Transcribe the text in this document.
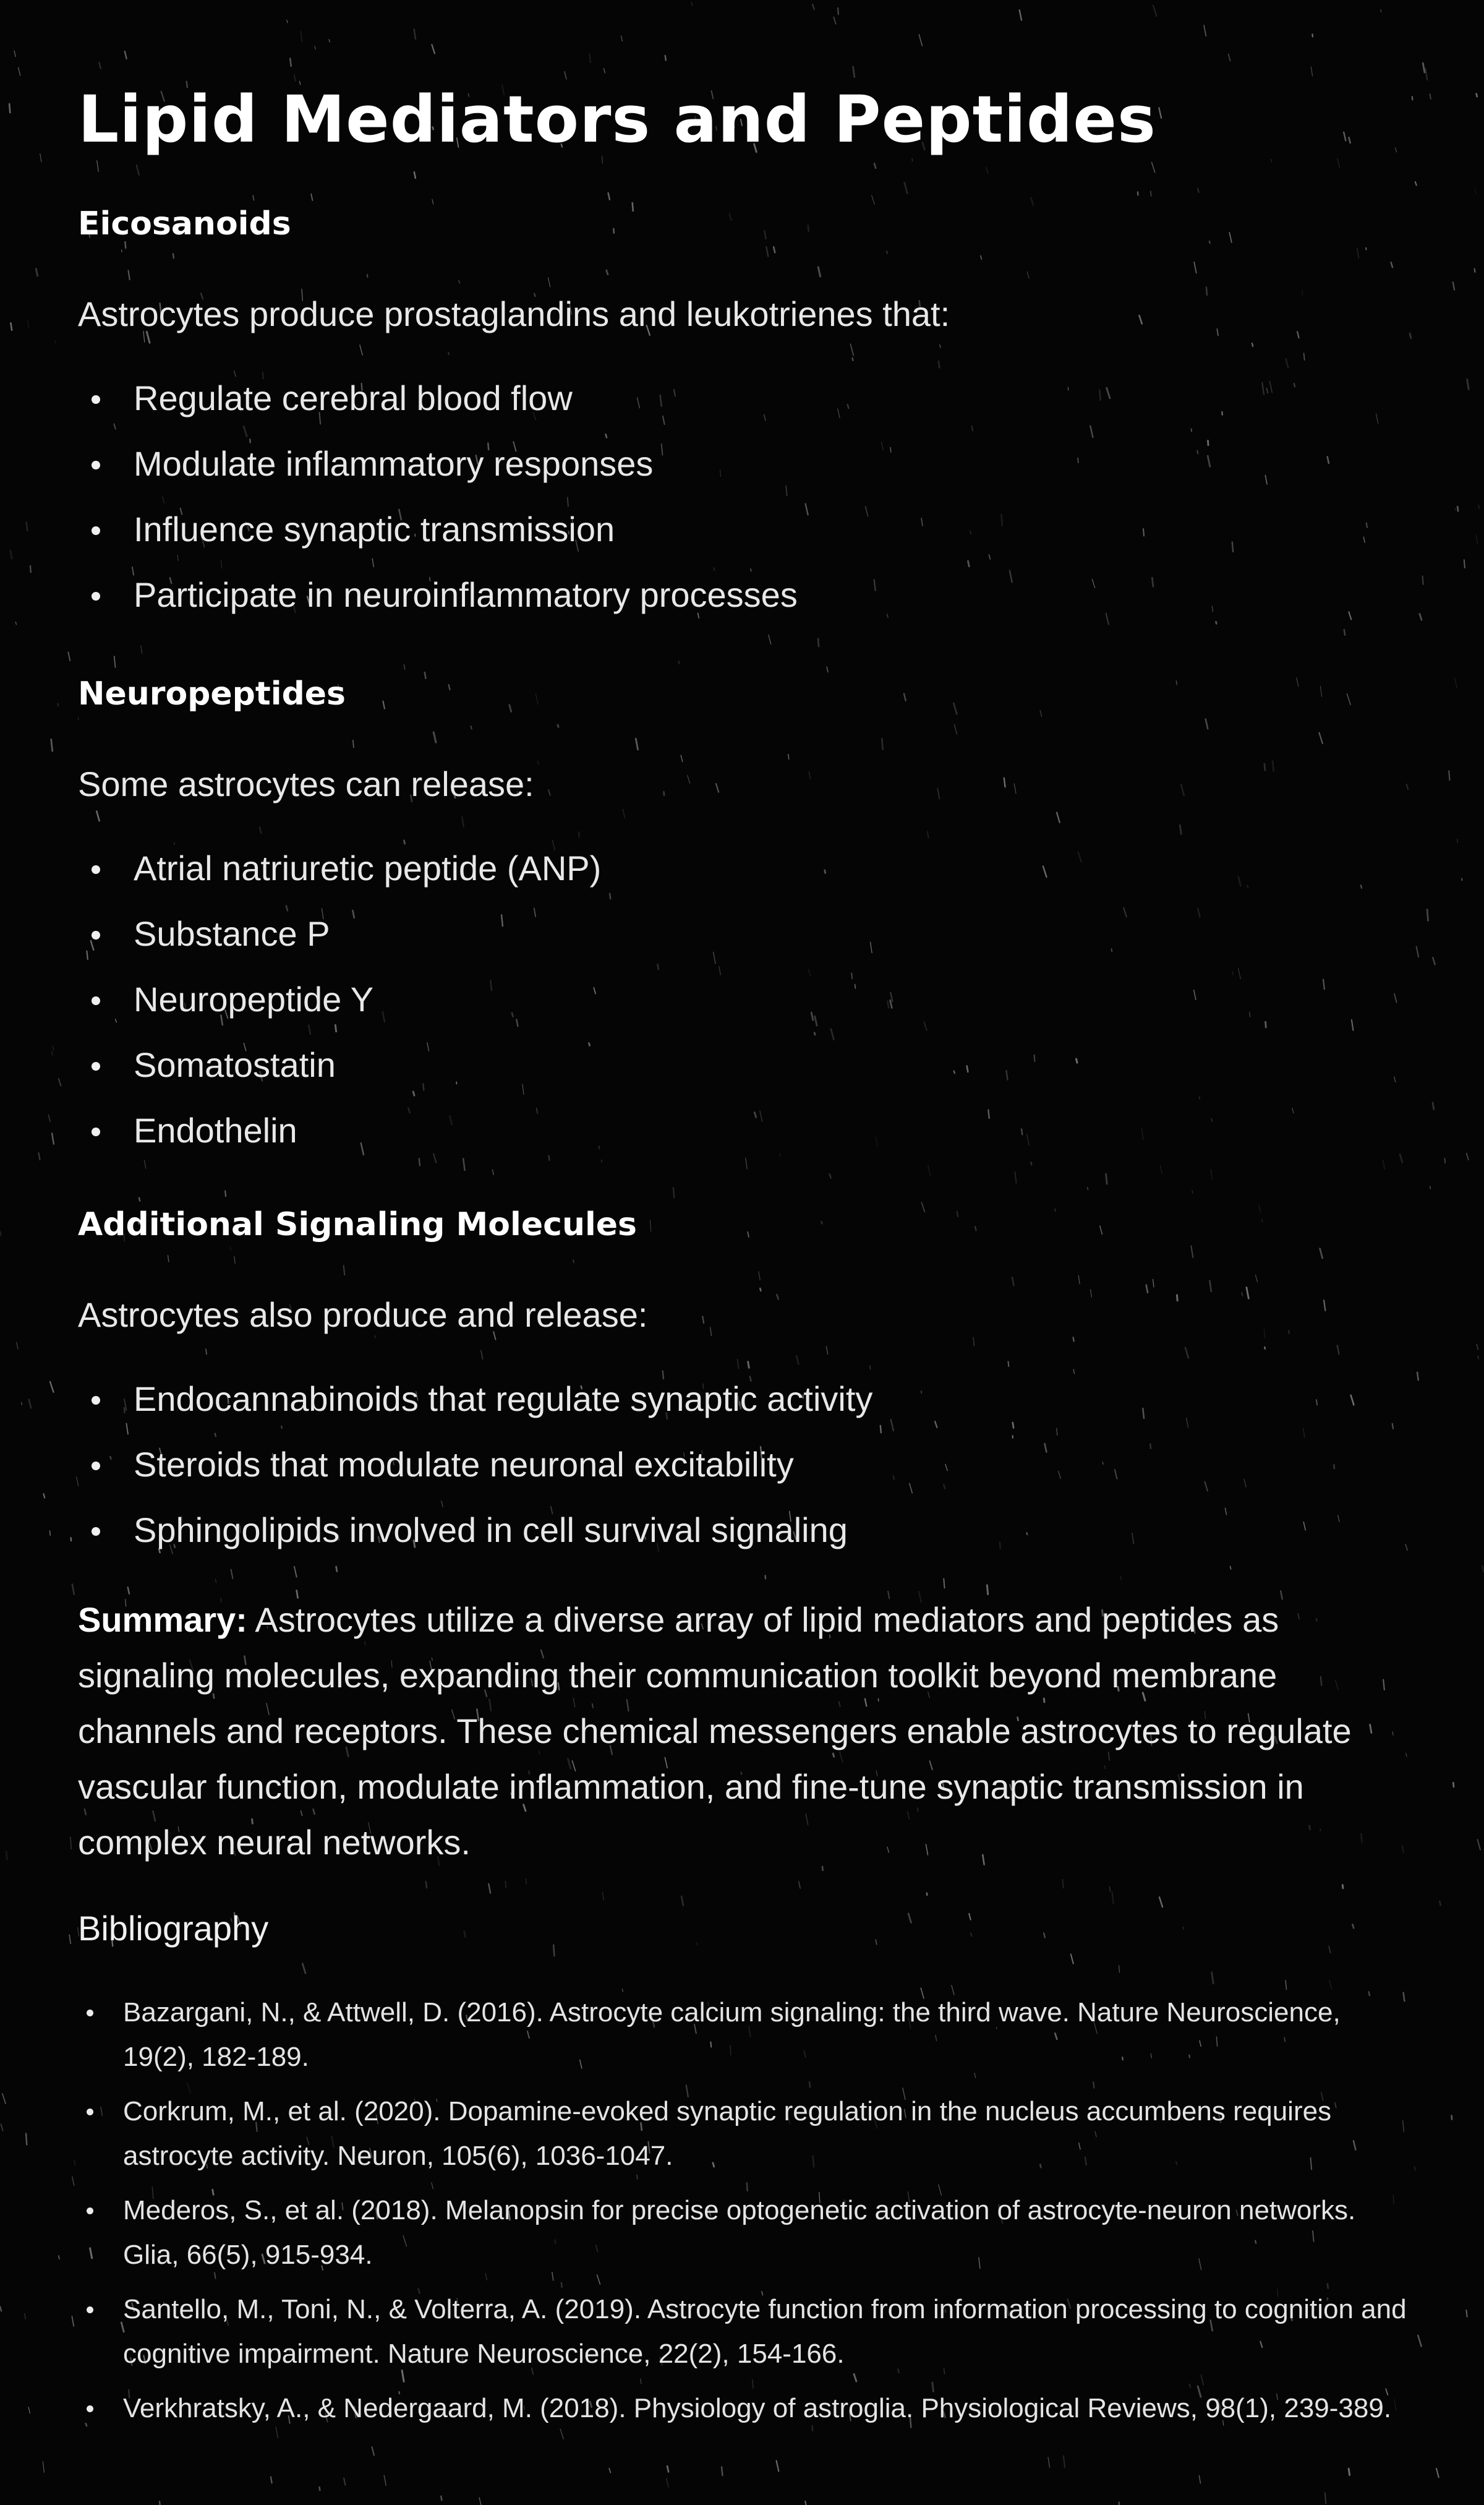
Lipid Mediators and Peptides
Eicosanoids

Astrocytes produce prostaglandins and leukotrienes that:

Regulate cerebral blood flow
Modulate inflammatory responses
Influence synaptic transmission
Participate in neuroinflammatory processes
Neuropeptides

Some astrocytes can release:

Atrial natriuretic peptide (ANP)
Substance P
Neuropeptide Y
Somatostatin
Endothelin
Additional Signaling Molecules

Astrocytes also produce and release:

Endocannabinoids that regulate synaptic activity
Steroids that modulate neuronal excitability
Sphingolipids involved in cell survival signaling

Summary: Astrocytes utilize a diverse array of lipid mediators and peptides as signaling molecules, expanding their communication toolkit beyond membrane channels and receptors. These chemical messengers enable astrocytes to regulate vascular function, modulate inflammation, and fine-tune synaptic transmission in complex neural networks.

Bibliography
Bazargani, N., & Attwell, D. (2016). Astrocyte calcium signaling: the third wave. Nature Neuroscience, 19(2), 182-189.
Corkrum, M., et al. (2020). Dopamine-evoked synaptic regulation in the nucleus accumbens requires astrocyte activity. Neuron, 105(6), 1036-1047.
Mederos, S., et al. (2018). Melanopsin for precise optogenetic activation of astrocyte-neuron networks. Glia, 66(5), 915-934.
Santello, M., Toni, N., & Volterra, A. (2019). Astrocyte function from information processing to cognition and cognitive impairment. Nature Neuroscience, 22(2), 154-166.
Verkhratsky, A., & Nedergaard, M. (2018). Physiology of astroglia. Physiological Reviews, 98(1), 239-389.
